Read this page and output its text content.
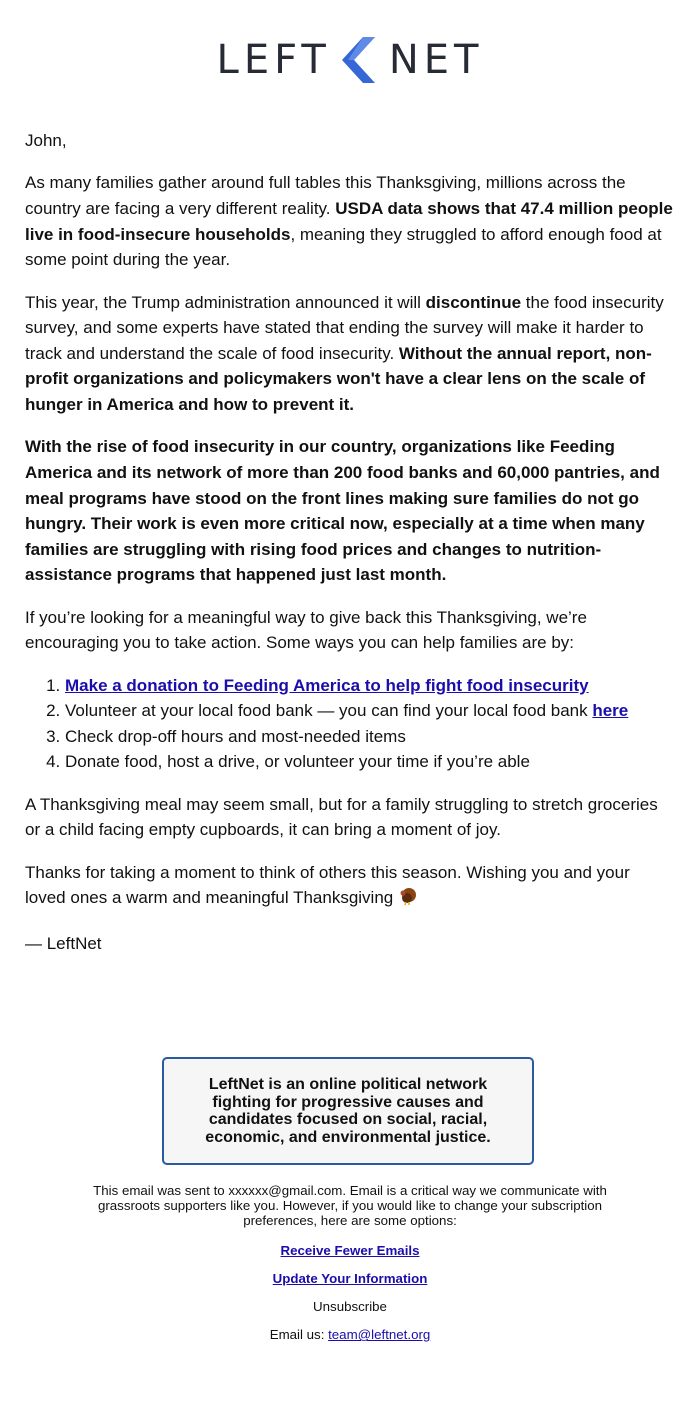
LEFT NET

John,

As many families gather around full tables this Thanksgiving, millions across the country are facing a very different reality. USDA data shows that 47.4 million people live in food-insecure households, meaning they struggled to afford enough food at some point during the year.

This year, the Trump administration announced it will discontinue the food insecurity survey, and some experts have stated that ending the survey will make it harder to track and understand the scale of food insecurity. Without the annual report, non-profit organizations and policymakers won't have a clear lens on the scale of hunger in America and how to prevent it.

With the rise of food insecurity in our country, organizations like Feeding America and its network of more than 200 food banks and 60,000 pantries, and meal programs have stood on the front lines making sure families do not go hungry. Their work is even more critical now, especially at a time when many families are struggling with rising food prices and changes to nutrition-assistance programs that happened just last month.

If you’re looking for a meaningful way to give back this Thanksgiving, we’re encouraging you to take action. Some ways you can help families are by:

1. Make a donation to Feeding America to help fight food insecurity
2. Volunteer at your local food bank — you can find your local food bank here
3. Check drop-off hours and most-needed items
4. Donate food, host a drive, or volunteer your time if you’re able

A Thanksgiving meal may seem small, but for a family struggling to stretch groceries or a child facing empty cupboards, it can bring a moment of joy.

Thanks for taking a moment to think of others this season. Wishing you and your loved ones a warm and meaningful Thanksgiving

— LeftNet

LeftNet is an online political network fighting for progressive causes and candidates focused on social, racial, economic, and environmental justice.
This email was sent to xxxxxx@gmail.com. Email is a critical way we communicate with grassroots supporters like you. However, if you would like to change your subscription preferences, here are some options:
Receive Fewer Emails
Update Your Information
Unsubscribe
Email us: team@leftnet.org
